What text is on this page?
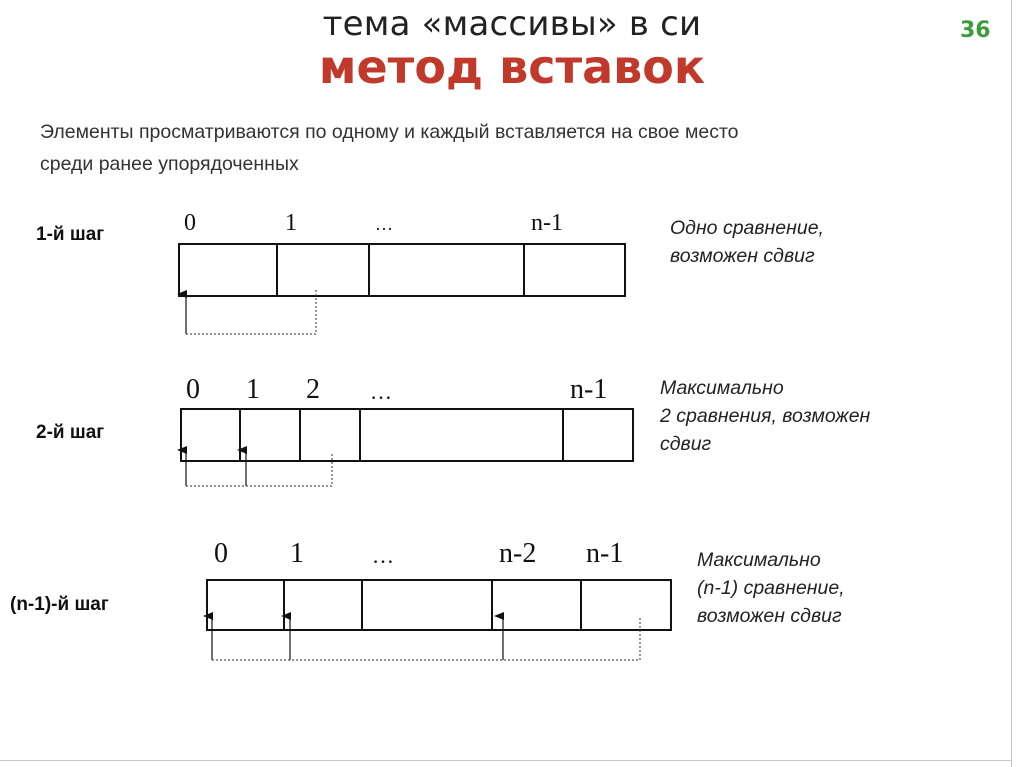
тема «массивы» в си
метод вставок
36
Элементы просматриваются по одному и каждый вставляется на свое место
среди ранее упорядоченных
1-й шаг	0	1	…	n-1	Одно сравнение,
возможен сдвиг
2-й шаг
0 1 2 …	n-1	Максимально
2 сравнения, возможен
сдвиг
(n-1)-й шаг
0 1	…	n-2 n-1	Максимально
(n-1) сравнение,
возможен сдвиг
